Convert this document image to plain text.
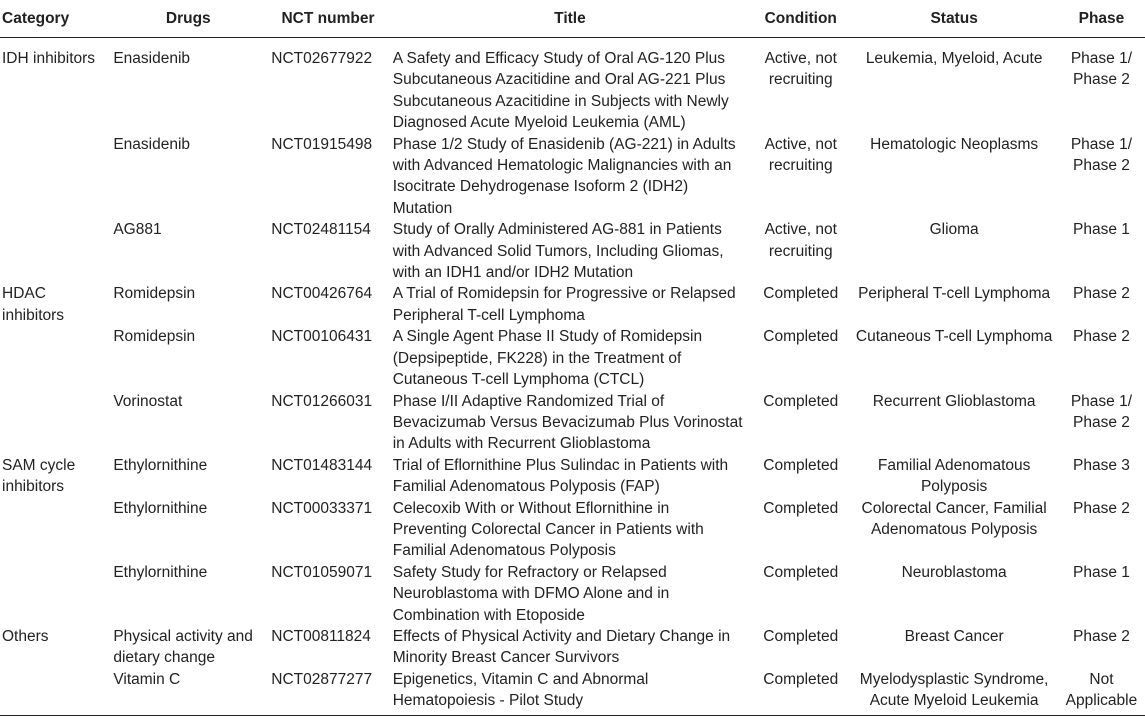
Category	Drugs	NCT number	Title	Condition	Status	Phase
IDH inhibitors	Enasidenib	NCT02677922	A Safety and Efficacy Study of Oral AG-120 Plus Subcutaneous Azacitidine and Oral AG-221 Plus Subcutaneous Azacitidine in Subjects with Newly Diagnosed Acute Myeloid Leukemia (AML)	Active, not recruiting	Leukemia, Myeloid, Acute	Phase 1/ Phase 2
	Enasidenib	NCT01915498	Phase 1/2 Study of Enasidenib (AG-221) in Adults with Advanced Hematologic Malignancies with an Isocitrate Dehydrogenase Isoform 2 (IDH2) Mutation	Active, not recruiting	Hematologic Neoplasms	Phase 1/ Phase 2
	AG881	NCT02481154	Study of Orally Administered AG-881 in Patients with Advanced Solid Tumors, Including Gliomas, with an IDH1 and/or IDH2 Mutation	Active, not recruiting	Glioma	Phase 1
HDAC inhibitors	Romidepsin	NCT00426764	A Trial of Romidepsin for Progressive or Relapsed Peripheral T-cell Lymphoma	Completed	Peripheral T-cell Lymphoma	Phase 2
	Romidepsin	NCT00106431	A Single Agent Phase II Study of Romidepsin (Depsipeptide, FK228) in the Treatment of Cutaneous T-cell Lymphoma (CTCL)	Completed	Cutaneous T-cell Lymphoma	Phase 2
	Vorinostat	NCT01266031	Phase I/II Adaptive Randomized Trial of Bevacizumab Versus Bevacizumab Plus Vorinostat in Adults with Recurrent Glioblastoma	Completed	Recurrent Glioblastoma	Phase 1/ Phase 2
SAM cycle inhibitors	Ethylornithine	NCT01483144	Trial of Eflornithine Plus Sulindac in Patients with Familial Adenomatous Polyposis (FAP)	Completed	Familial Adenomatous Polyposis	Phase 3
	Ethylornithine	NCT00033371	Celecoxib With or Without Eflornithine in Preventing Colorectal Cancer in Patients with Familial Adenomatous Polyposis	Completed	Colorectal Cancer, Familial Adenomatous Polyposis	Phase 2
	Ethylornithine	NCT01059071	Safety Study for Refractory or Relapsed Neuroblastoma with DFMO Alone and in Combination with Etoposide	Completed	Neuroblastoma	Phase 1
Others	Physical activity and dietary change	NCT00811824	Effects of Physical Activity and Dietary Change in Minority Breast Cancer Survivors	Completed	Breast Cancer	Phase 2
	Vitamin C	NCT02877277	Epigenetics, Vitamin C and Abnormal Hematopoiesis - Pilot Study	Completed	Myelodysplastic Syndrome, Acute Myeloid Leukemia	Not Applicable
